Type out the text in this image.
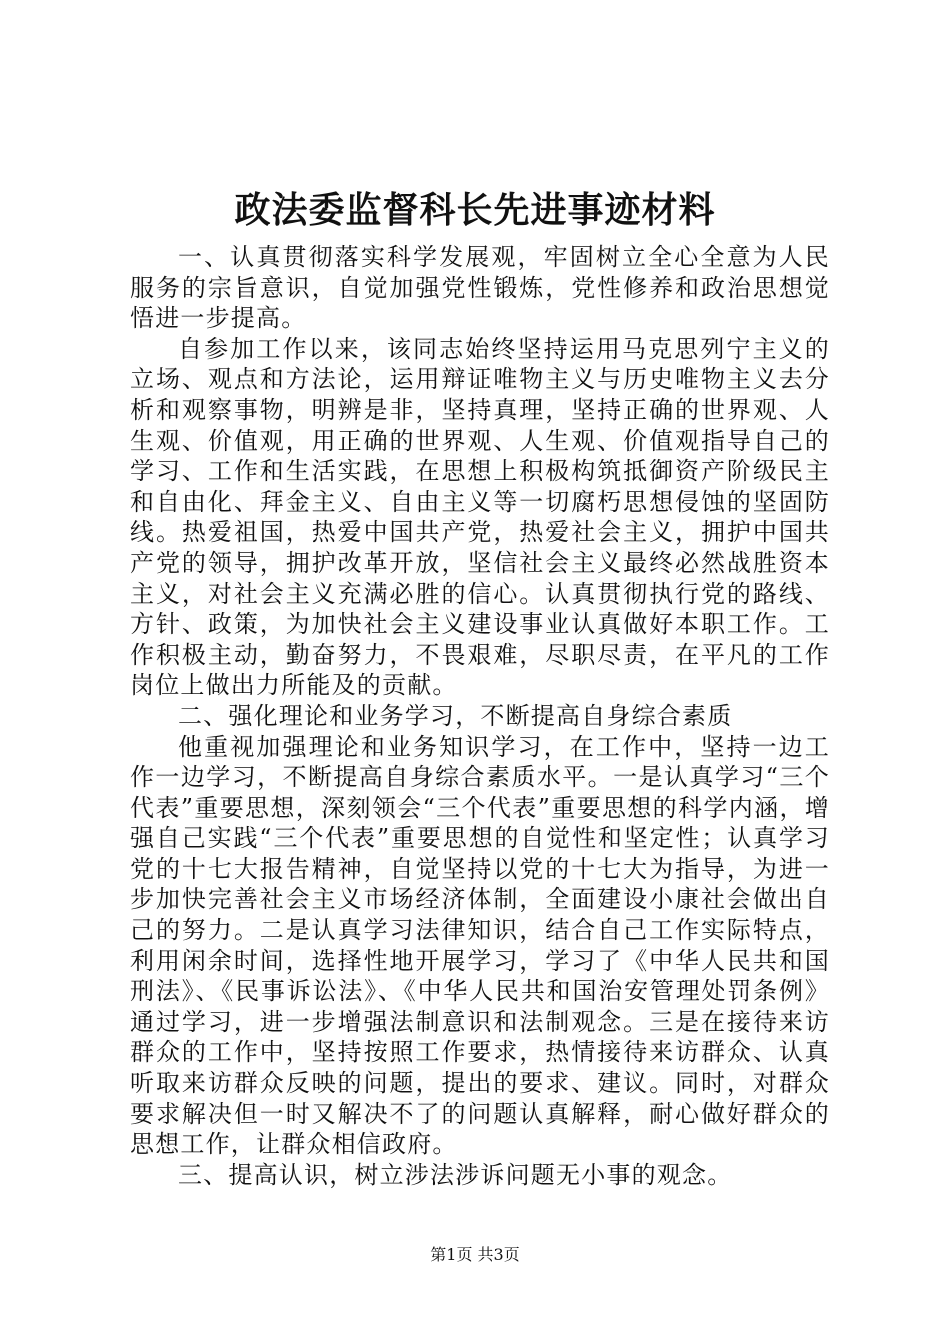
政法委监督科长先进事迹材料

一、认真贯彻落实科学发展观，牢固树立全心全意为人民服务的宗旨意识，自觉加强党性锻炼，党性修养和政治思想觉悟进一步提高。

自参加工作以来，该同志始终坚持运用马克思列宁主义的立场、观点和方法论，运用辩证唯物主义与历史唯物主义去分析和观察事物，明辨是非，坚持真理，坚持正确的世界观、人生观、价值观，用正确的世界观、人生观、价值观指导自己的学习、工作和生活实践，在思想上积极构筑抵御资产阶级民主和自由化、拜金主义、自由主义等一切腐朽思想侵蚀的坚固防线。热爱祖国，热爱中国共产党，热爱社会主义，拥护中国共产党的领导，拥护改革开放，坚信社会主义最终必然战胜资本主义，对社会主义充满必胜的信心。认真贯彻执行党的路线、方针、政策，为加快社会主义建设事业认真做好本职工作。工作积极主动，勤奋努力，不畏艰难，尽职尽责，在平凡的工作岗位上做出力所能及的贡献。

二、强化理论和业务学习，不断提高自身综合素质

他重视加强理论和业务知识学习，在工作中，坚持一边工作一边学习，不断提高自身综合素质水平。一是认真学习“三个代表”重要思想，深刻领会“三个代表”重要思想的科学内涵，增强自己实践“三个代表”重要思想的自觉性和坚定性；认真学习党的十七大报告精神，自觉坚持以党的十七大为指导，为进一步加快完善社会主义市场经济体制，全面建设小康社会做出自己的努力。二是认真学习法律知识，结合自己工作实际特点，利用闲余时间，选择性地开展学习，学习了《中华人民共和国刑法》、《民事诉讼法》、《中华人民共和国治安管理处罚条例》通过学习，进一步增强法制意识和法制观念。三是在接待来访群众的工作中，坚持按照工作要求，热情接待来访群众、认真听取来访群众反映的问题，提出的要求、建议。同时，对群众要求解决但一时又解决不了的问题认真解释，耐心做好群众的思想工作，让群众相信政府。

三、提高认识，树立涉法涉诉问题无小事的观念。

第1页 共3页
